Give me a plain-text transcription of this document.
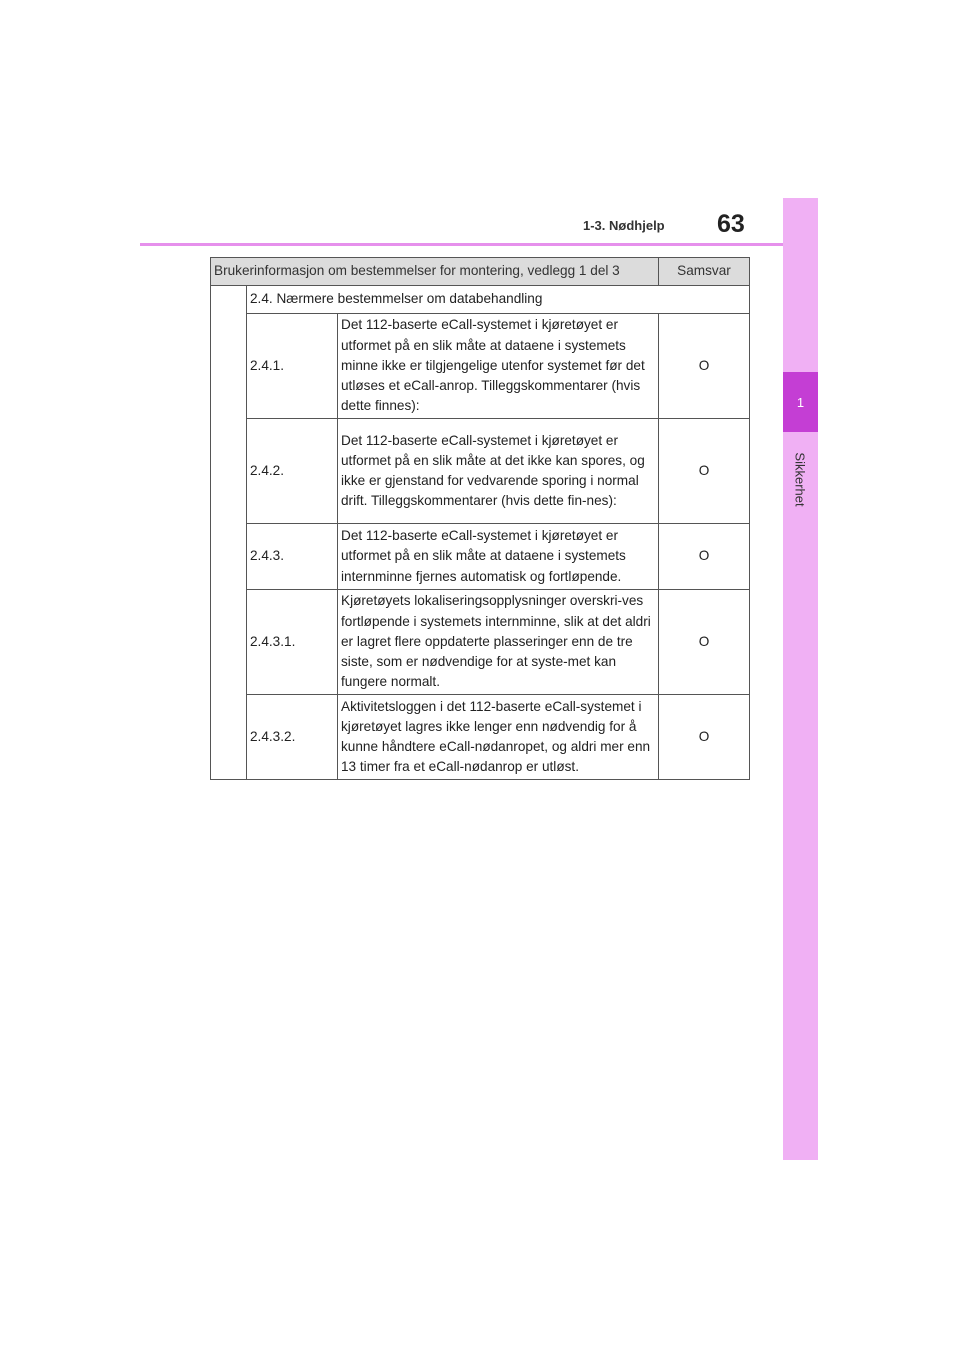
1
Sikkerhet
1-3. Nødhjelp 63
Brukerinformasjon om bestemmelser for montering, vedlegg 1 del 3			Samsvar
	2.4. Nærmere bestemmelser om databehandling		
	2.4.1.	Det 112-baserte eCall-systemet i kjøretøyet er utformet på en slik måte at dataene i systemets minne ikke er tilgjengelige utenfor systemet før det utløses et eCall-anrop. Tilleggskommentarer (hvis dette finnes):	O
	2.4.2.	Det 112-baserte eCall-systemet i kjøretøyet er utformet på en slik måte at det ikke kan spores, og ikke er gjenstand for vedvarende sporing i normal drift. Tilleggskommentarer (hvis dette fin-nes):	O
	2.4.3.	Det 112-baserte eCall-systemet i kjøretøyet er utformet på en slik måte at dataene i systemets internminne fjernes automatisk og fortløpende.	O
	2.4.3.1.	Kjøretøyets lokaliseringsopplysninger overskri-ves fortløpende i systemets internminne, slik at det aldri er lagret flere oppdaterte plasseringer enn de tre siste, som er nødvendige for at syste-met kan fungere normalt.	O
	2.4.3.2.	Aktivitetsloggen i det 112-baserte eCall-systemet i kjøretøyet lagres ikke lenger enn nødvendig for å kunne håndtere eCall-nødanropet, og aldri mer enn 13 timer fra et eCall-nødanrop er utløst.	O
